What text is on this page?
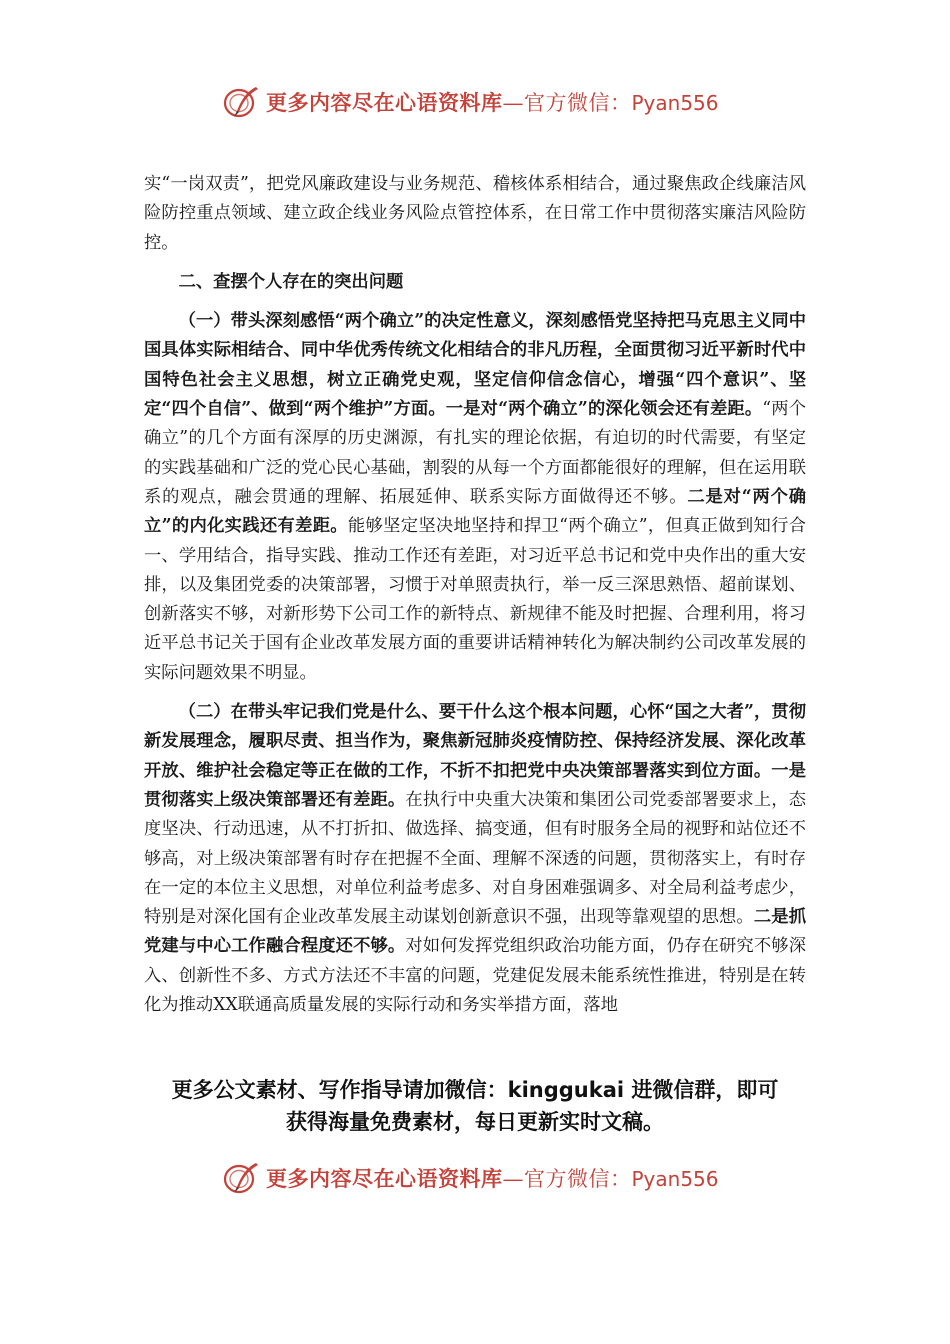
更多内容尽在心语资料库—官方微信：Pyan556

实“一岗双责”，把党风廉政建设与业务规范、稽核体系相结合，通过聚焦政企线廉洁风险防控重点领域、建立政企线业务风险点管控体系，在日常工作中贯彻落实廉洁风险防控。

二、查摆个人存在的突出问题

（一）带头深刻感悟“两个确立”的决定性意义，深刻感悟党坚持把马克思主义同中国具体实际相结合、同中华优秀传统文化相结合的非凡历程，全面贯彻习近平新时代中国特色社会主义思想，树立正确党史观，坚定信仰信念信心，增强“四个意识”、坚定“四个自信”、做到“两个维护”方面。一是对“两个确立”的深化领会还有差距。“两个确立”的几个方面有深厚的历史渊源，有扎实的理论依据，有迫切的时代需要，有坚定的实践基础和广泛的党心民心基础，割裂的从每一个方面都能很好的理解，但在运用联系的观点，融会贯通的理解、拓展延伸、联系实际方面做得还不够。二是对“两个确立”的内化实践还有差距。能够坚定坚决地坚持和捍卫“两个确立”，但真正做到知行合一、学用结合，指导实践、推动工作还有差距，对习近平总书记和党中央作出的重大安排，以及集团党委的决策部署，习惯于对单照责执行，举一反三深思熟悟、超前谋划、创新落实不够，对新形势下公司工作的新特点、新规律不能及时把握、合理利用，将习近平总书记关于国有企业改革发展方面的重要讲话精神转化为解决制约公司改革发展的实际问题效果不明显。

（二）在带头牢记我们党是什么、要干什么这个根本问题，心怀“国之大者”，贯彻新发展理念，履职尽责、担当作为，聚焦新冠肺炎疫情防控、保持经济发展、深化改革开放、维护社会稳定等正在做的工作，不折不扣把党中央决策部署落实到位方面。一是贯彻落实上级决策部署还有差距。在执行中央重大决策和集团公司党委部署要求上，态度坚决、行动迅速，从不打折扣、做选择、搞变通，但有时服务全局的视野和站位还不够高，对上级决策部署有时存在把握不全面、理解不深透的问题，贯彻落实上，有时存在一定的本位主义思想，对单位利益考虑多、对自身困难强调多、对全局利益考虑少，特别是对深化国有企业改革发展主动谋划创新意识不强，出现等靠观望的思想。二是抓党建与中心工作融合程度还不够。对如何发挥党组织政治功能方面，仍存在研究不够深入、创新性不多、方式方法还不丰富的问题，党建促发展未能系统性推进，特别是在转化为推动XX联通高质量发展的实际行动和务实举措方面，落地

更多公文素材、写作指导请加微信：kinggukai 进微信群，即可
获得海量免费素材，每日更新实时文稿。
更多内容尽在心语资料库—官方微信：Pyan556
